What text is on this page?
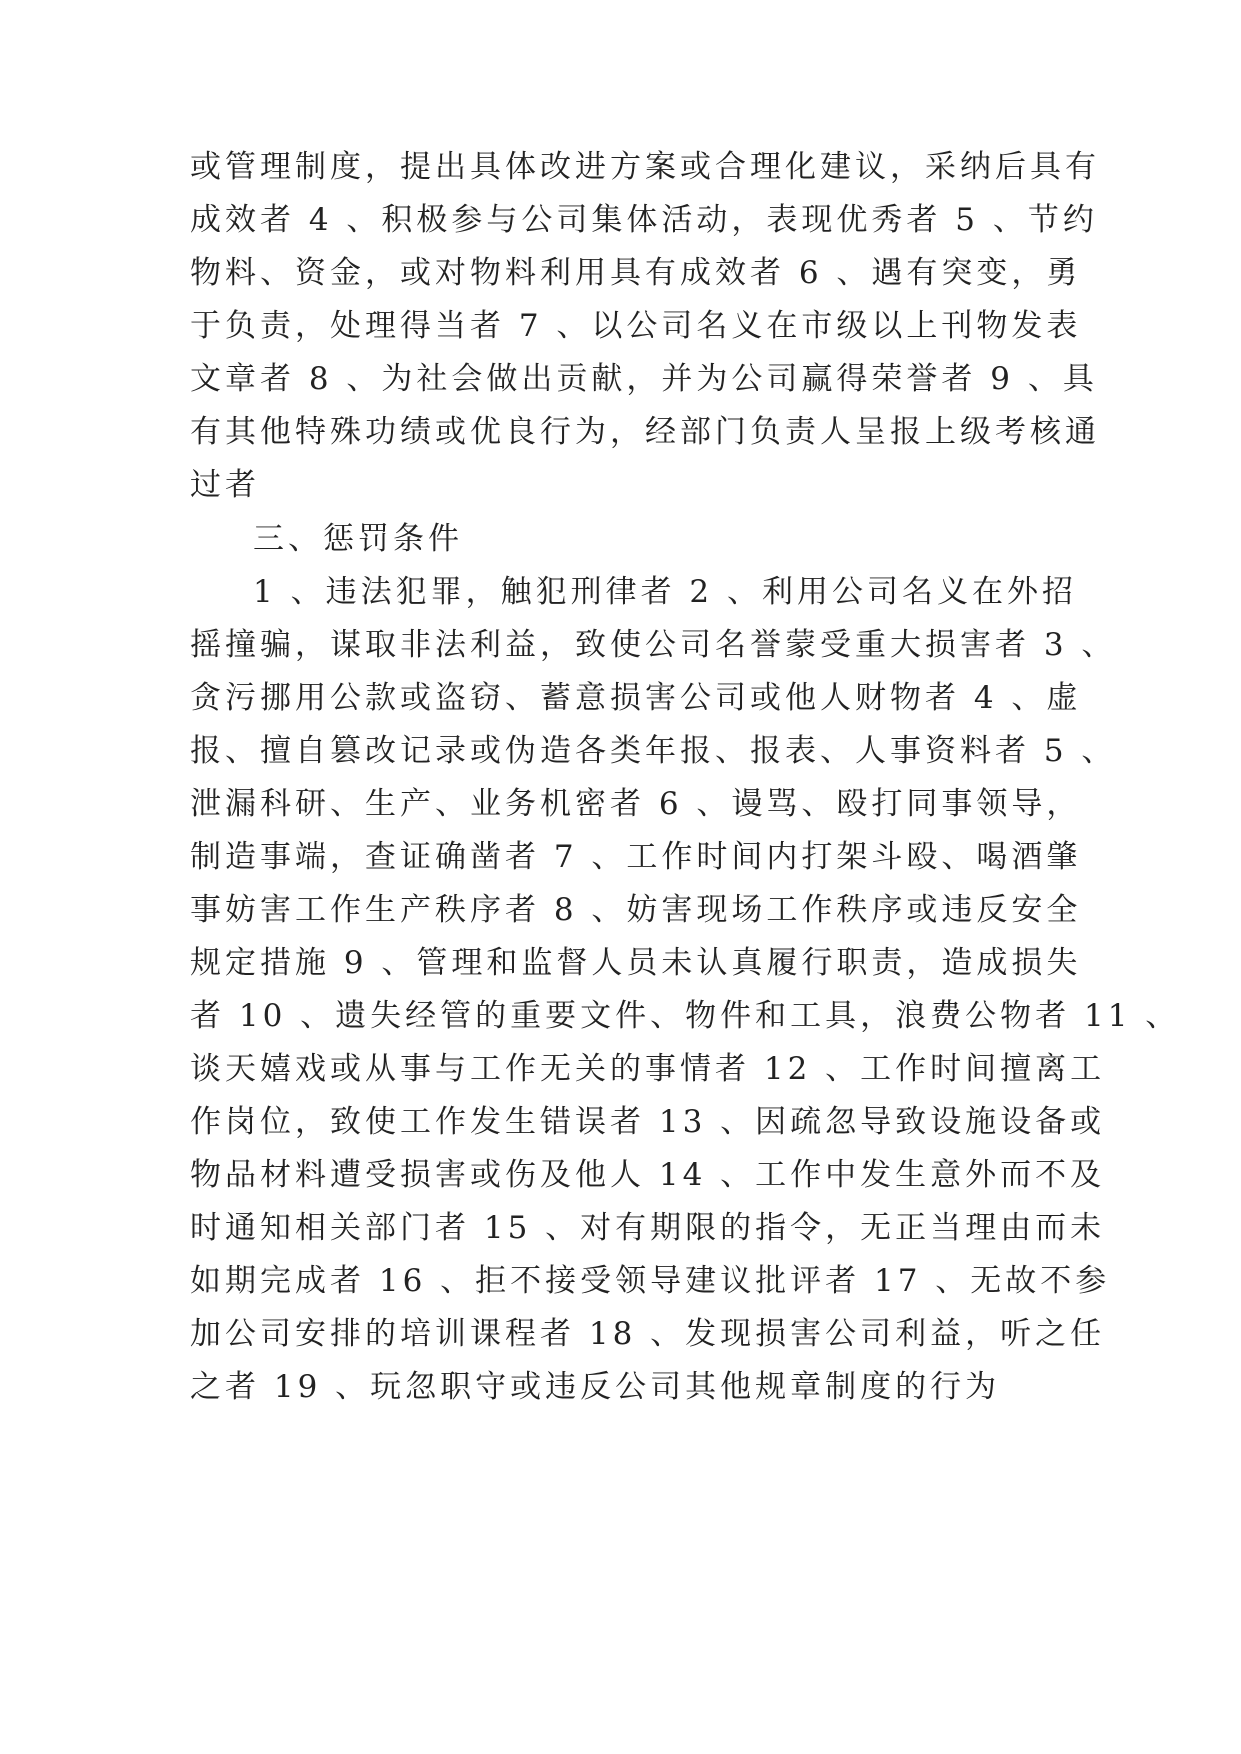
或管理制度，提出具体改进方案或合理化建议，采纳后具有
成效者 4 、积极参与公司集体活动，表现优秀者 5 、节约
物料、资金，或对物料利用具有成效者 6 、遇有突变，勇
于负责，处理得当者 7 、以公司名义在市级以上刊物发表
文章者 8 、为社会做出贡献，并为公司赢得荣誉者 9 、具
有其他特殊功绩或优良行为，经部门负责人呈报上级考核通
过者
三、惩罚条件
1 、违法犯罪，触犯刑律者 2 、利用公司名义在外招
摇撞骗，谋取非法利益，致使公司名誉蒙受重大损害者 3 、
贪污挪用公款或盗窃、蓄意损害公司或他人财物者 4 、虚
报、擅自篡改记录或伪造各类年报、报表、人事资料者 5 、
泄漏科研、生产、业务机密者 6 、谩骂、殴打同事领导，
制造事端，查证确凿者 7 、工作时间内打架斗殴、喝酒肇
事妨害工作生产秩序者 8 、妨害现场工作秩序或违反安全
规定措施 9 、管理和监督人员未认真履行职责，造成损失
者 10 、遗失经管的重要文件、物件和工具，浪费公物者 11 、
谈天嬉戏或从事与工作无关的事情者 12 、工作时间擅离工
作岗位，致使工作发生错误者 13 、因疏忽导致设施设备或
物品材料遭受损害或伤及他人 14 、工作中发生意外而不及
时通知相关部门者 15 、对有期限的指令，无正当理由而未
如期完成者 16 、拒不接受领导建议批评者 17 、无故不参
加公司安排的培训课程者 18 、发现损害公司利益，听之任
之者 19 、玩忽职守或违反公司其他规章制度的行为
